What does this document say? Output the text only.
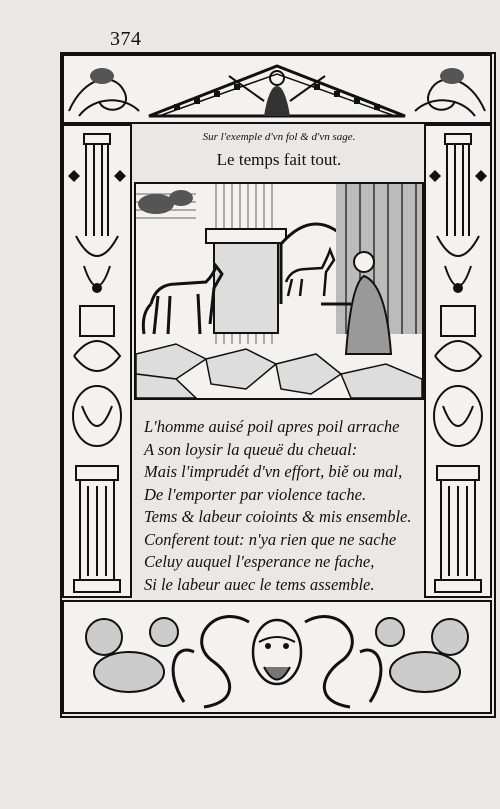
374
Sur l'exemple d'vn fol & d'vn sage.
Le temps fait tout.
L'homme auisé poil apres poil arrache
A son loysir la queuë du cheual:
Mais l'imprudét d'vn effort, biě ou mal,
De l'emporter par violence tache.
Tems & labeur coioints & mis ensemble.
Conferent tout: n'ya rien que ne sache
Celuy auquel l'esperance ne fache,
Si le labeur auec le tems assemble.
